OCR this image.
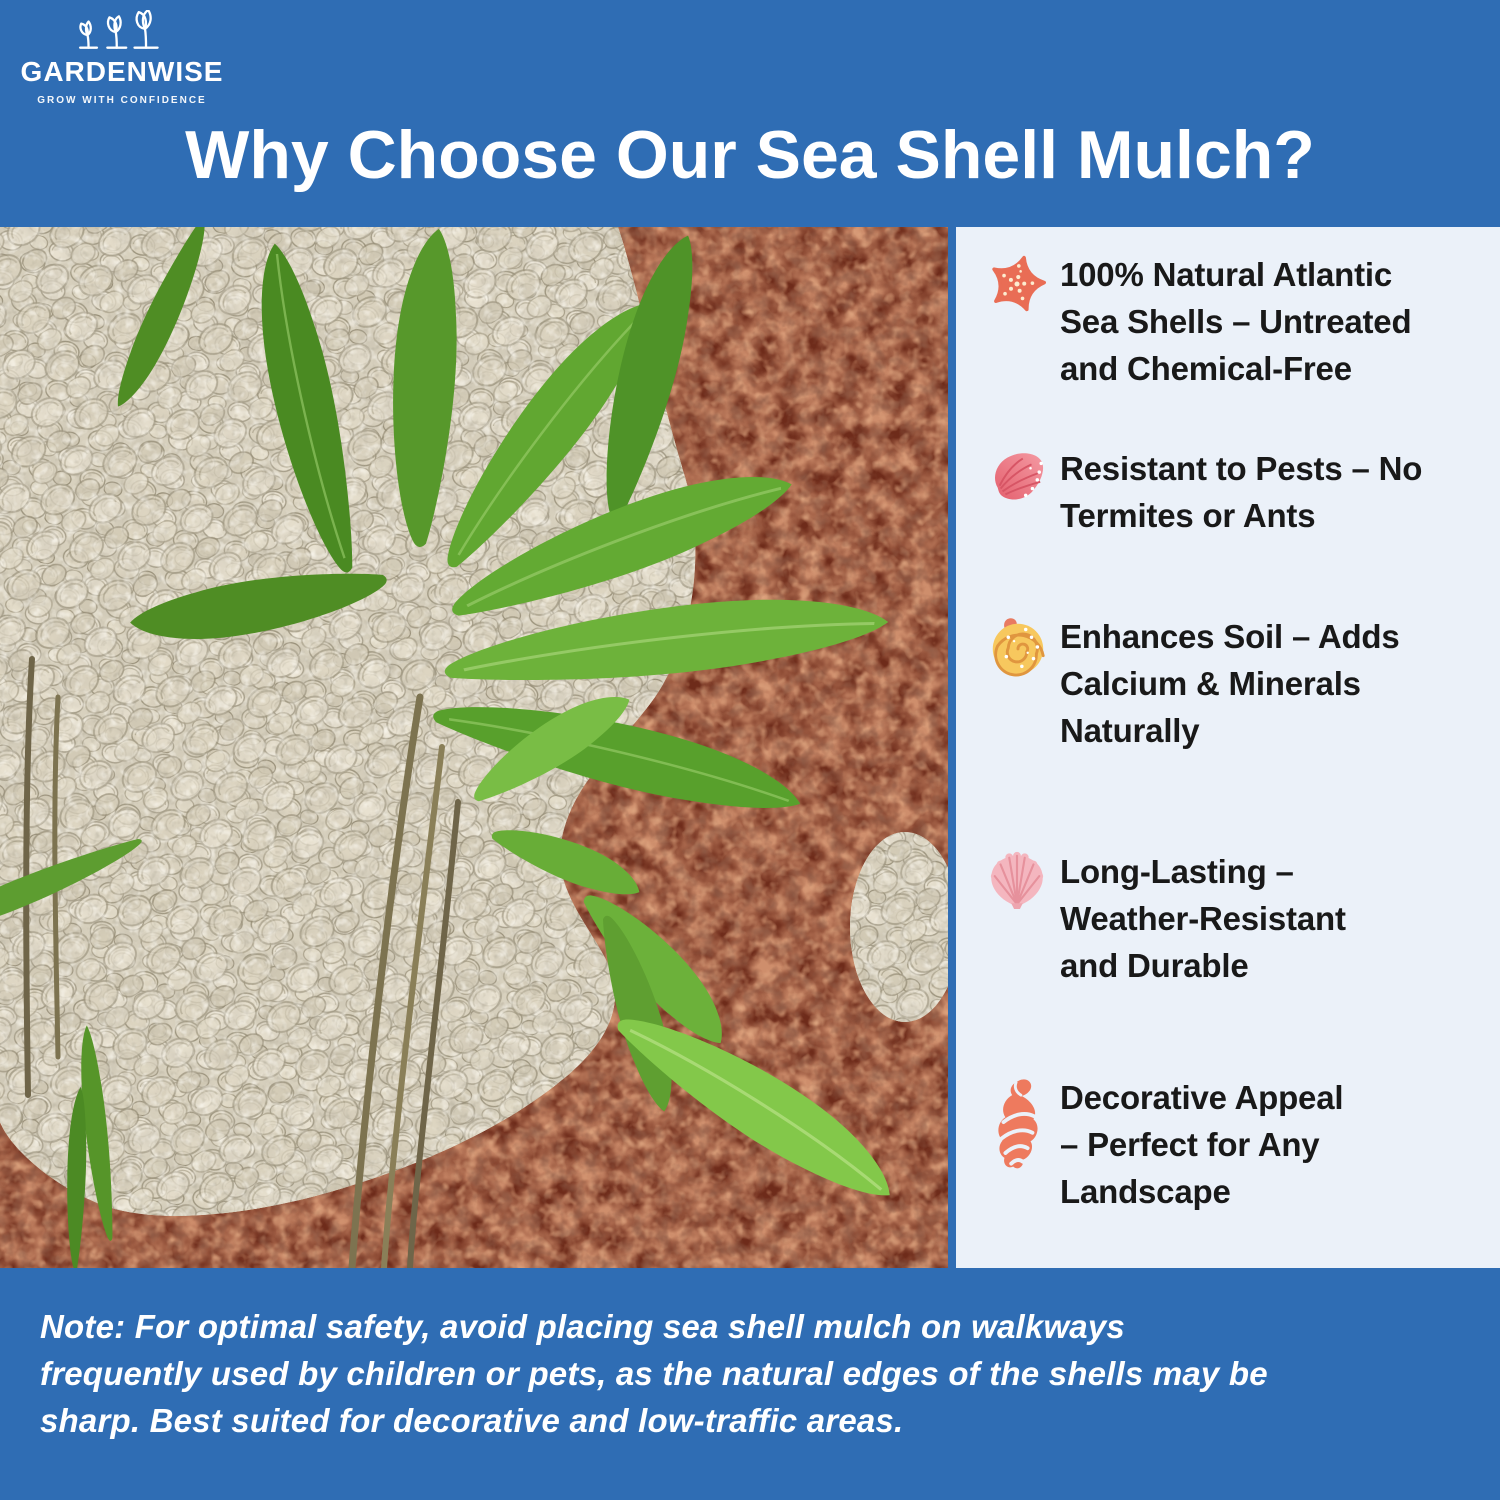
GARDENWISE
GROW WITH CONFIDENCE
Why Choose Our Sea Shell Mulch?
100% Natural Atlantic
Sea Shells – Untreated
and Chemical-Free
Resistant to Pests – No
Termites or Ants
Enhances Soil – Adds
Calcium & Minerals
Naturally
Long-Lasting –
Weather-Resistant
and Durable
Decorative Appeal
– Perfect for Any
Landscape
Note: For optimal safety, avoid placing sea shell mulch on walkways
frequently used by children or pets, as the natural edges of the shells may be
sharp. Best suited for decorative and low-traffic areas.
